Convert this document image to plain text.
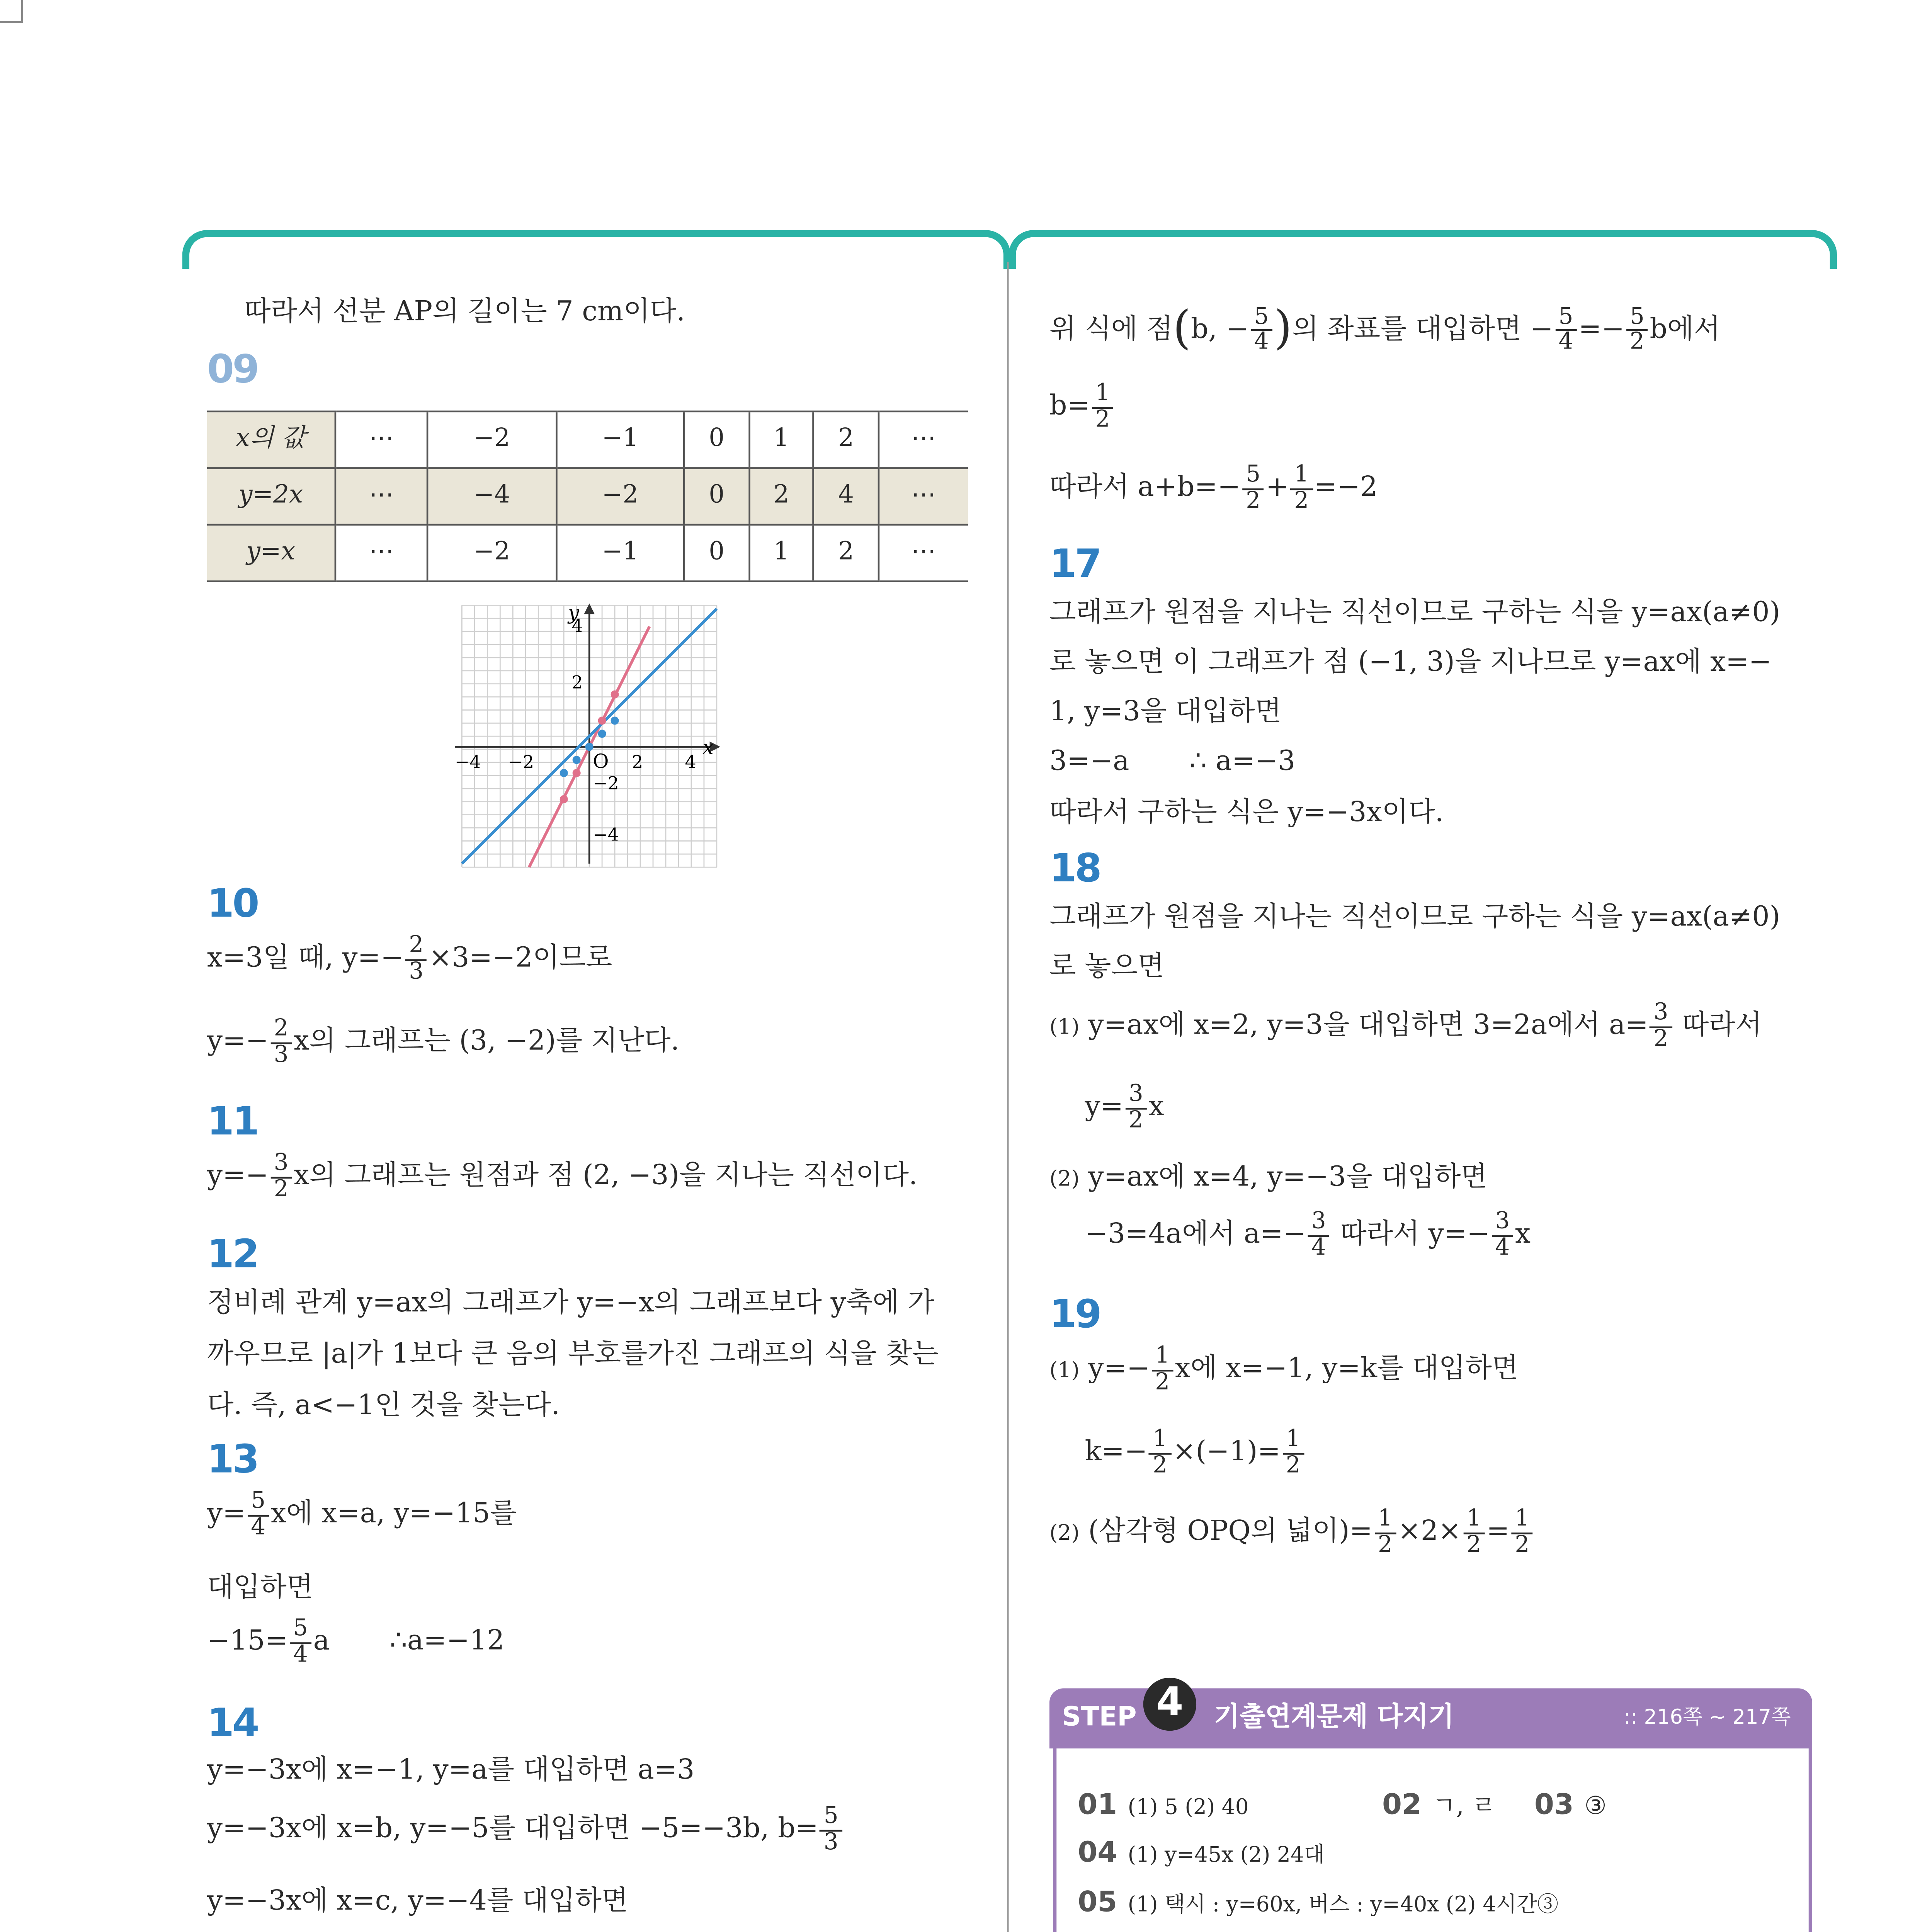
따라서 선분 AP의 길이는 7 cm이다.
09
x의 값	⋯	−2	−1	0	1	2	⋯
y=2x	⋯	−4	−2	0	2	4	⋯
y=x	⋯	−2	−1	0	1	2	⋯
y
x
O
4
2
−2
−4
−4	−2	2	4
10
x=3일 때, $y=- \frac{2}{3} \times 3=-2$이므로
$y=- \frac{2}{3}$ x의 그래프는 (3, −2)를 지난다.
11
$y=- \frac{3}{2}$ x의 그래프는 원점과 점 (2, −3)을 지나는 직선이다.
12
정비례 관계 y=ax의 그래프가 y=−x의 그래프보다 y축에 가
까우므로 |a|가 1보다 큰 음의 부호를가진 그래프의 식을 찾는
다. 즉, a<−1인 것을 찾는다.
13
$y= \frac{5}{4}$ x에 x=a, y=−15를
대입하면
$-15= \frac{5}{4}$ a	∴a=−12
14
y=−3x에 x=−1, y=a를 대입하면 a=3
y=−3x에 x=b, y=−5를 대입하면 −5=−3b, $b= \frac{5}{3}$
y=−3x에 x=c, y=−4를 대입하면

위 식에 점(b, − $\frac{5}{4}$ )의 좌표를 대입하면 − $\frac{5}{4} =- \frac{5}{2}$ b에서
$b= \frac{1}{2}$
따라서 $a+b=- \frac{5}{2} + \frac{1}{2} =-2$
17
그래프가 원점을 지나는 직선이므로 구하는 식을 y=ax(a≠0)
로 놓으면 이 그래프가 점 (−1, 3)을 지나므로 y=ax에 x=−
1, y=3을 대입하면
3=−a	∴ a=−3
따라서 구하는 식은 y=−3x이다.
18
그래프가 원점을 지나는 직선이므로 구하는 식을 y=ax(a≠0)
로 놓으면
(1) y=ax에 x=2, y=3을 대입하면 3=2a에서 $a= \frac{3}{2}$ 따라서
$y= \frac{3}{2}$ x
(2) y=ax에 x=4, y=−3을 대입하면
−3=4a에서 $a=- \frac{3}{4}$ 따라서 $y=- \frac{3}{4}$ x
19
(1) $y=- \frac{1}{2}$ x에 x=−1, y=k를 대입하면
$k=- \frac{1}{2} \times(-1)= \frac{1}{2}$
(2) (삼각형 OPQ의 넓이)= $\frac{1}{2} \times 2\times \frac{1}{2} = \frac{1}{2}$
STEP	4	기출연계문제 다지기	:: 216쪽 ~ 217쪽
01 (1) 5 (2) 40	02 ㄱ, ㄹ	03 ③
04 (1) y=45x (2) 24대
05 (1) 택시 : y=60x, 버스 : y=40x (2) 4시간③
